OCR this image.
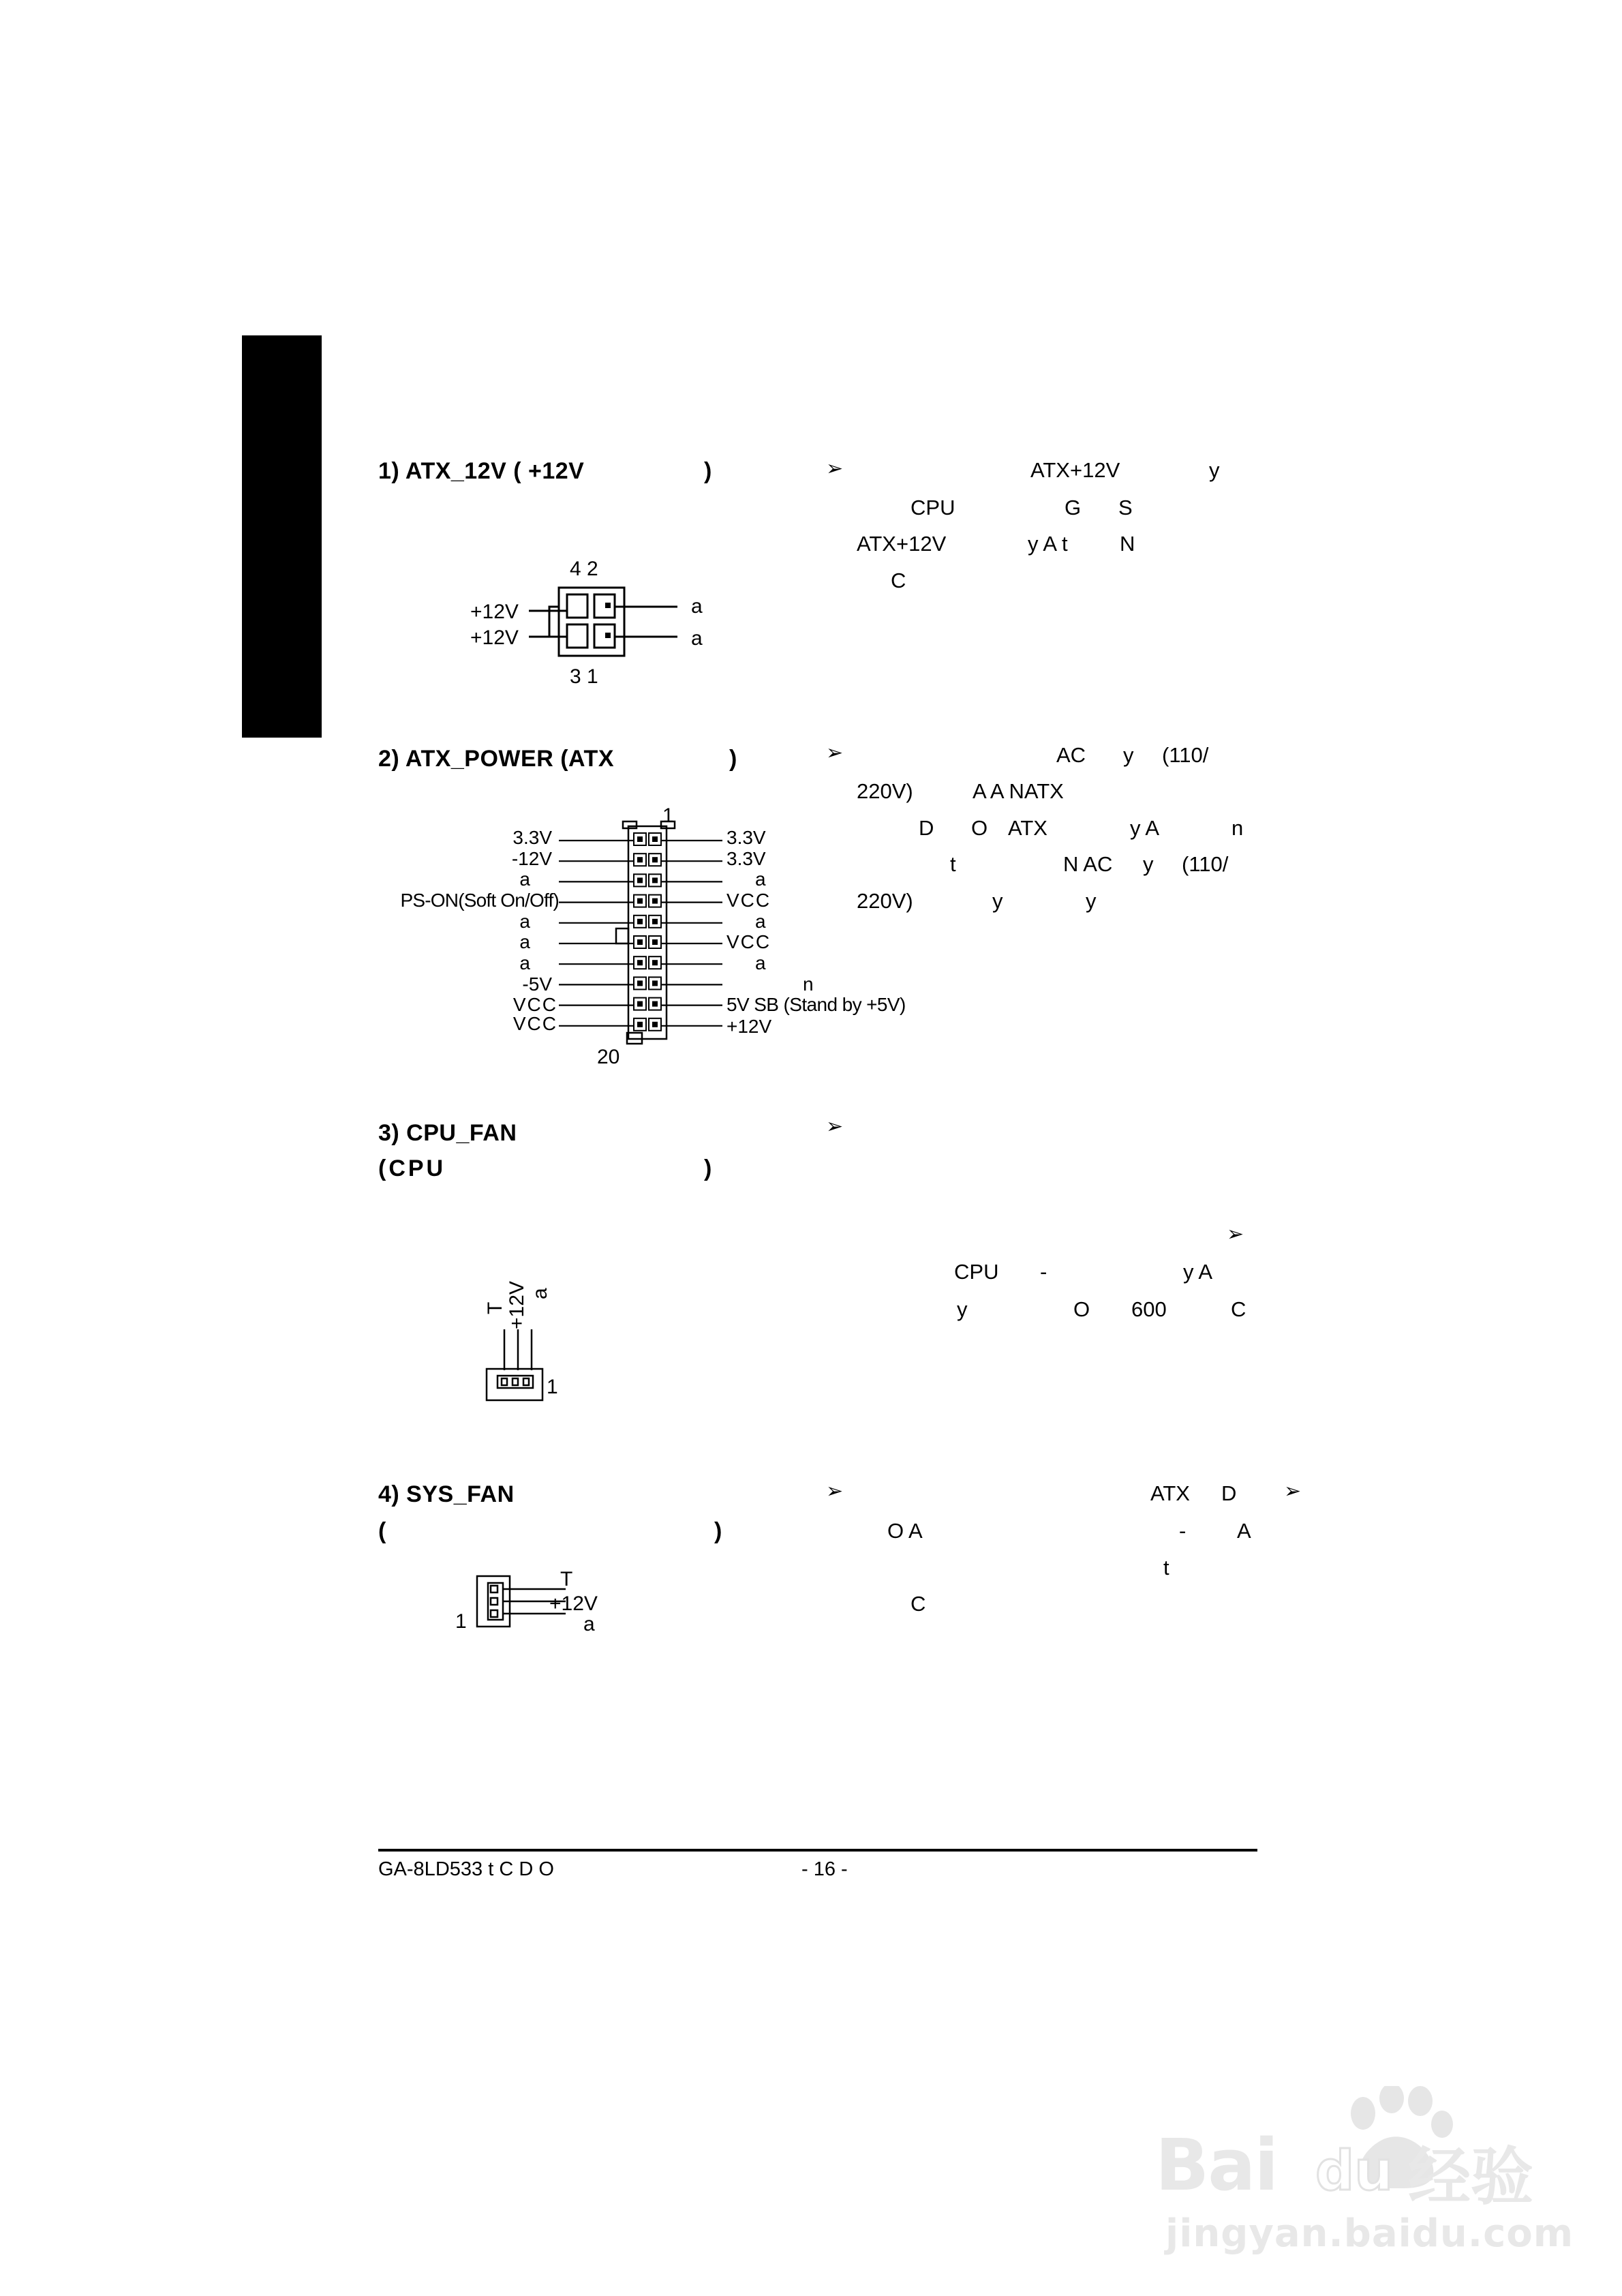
1) ATX_12V ( +12V	)	➢	ATX+12V	y
CPU	G S
ATX+12V	y A t N
C
4 2
3 1
+12V
+12V
a
a
2) ATX_POWER (ATX	)	➢	AC y (110/
220V)	A A NATX
D O ATX	y A	n
t	N AC y (110/
220V)	y	y
1
20
3.3V
-12V
a
PS-ON(Soft On/Off)
a
a
a
-5V
VCC
VCC
3.3V
3.3V
a
VCC
a
VCC
a
n
5V SB (Stand by +5V)
+12V
3) CPU_FAN
(CPU	)
➢
➢
CPU -	y A
y	O 600	C
T +12V a
1
4) SYS_FAN
(	)
➢	➢
ATX D
O A	- A
t
C
T
+12V
a
1
GA-8LD533 t C D O	- 16 -
Bai du 经验
jingyan.baidu.com
